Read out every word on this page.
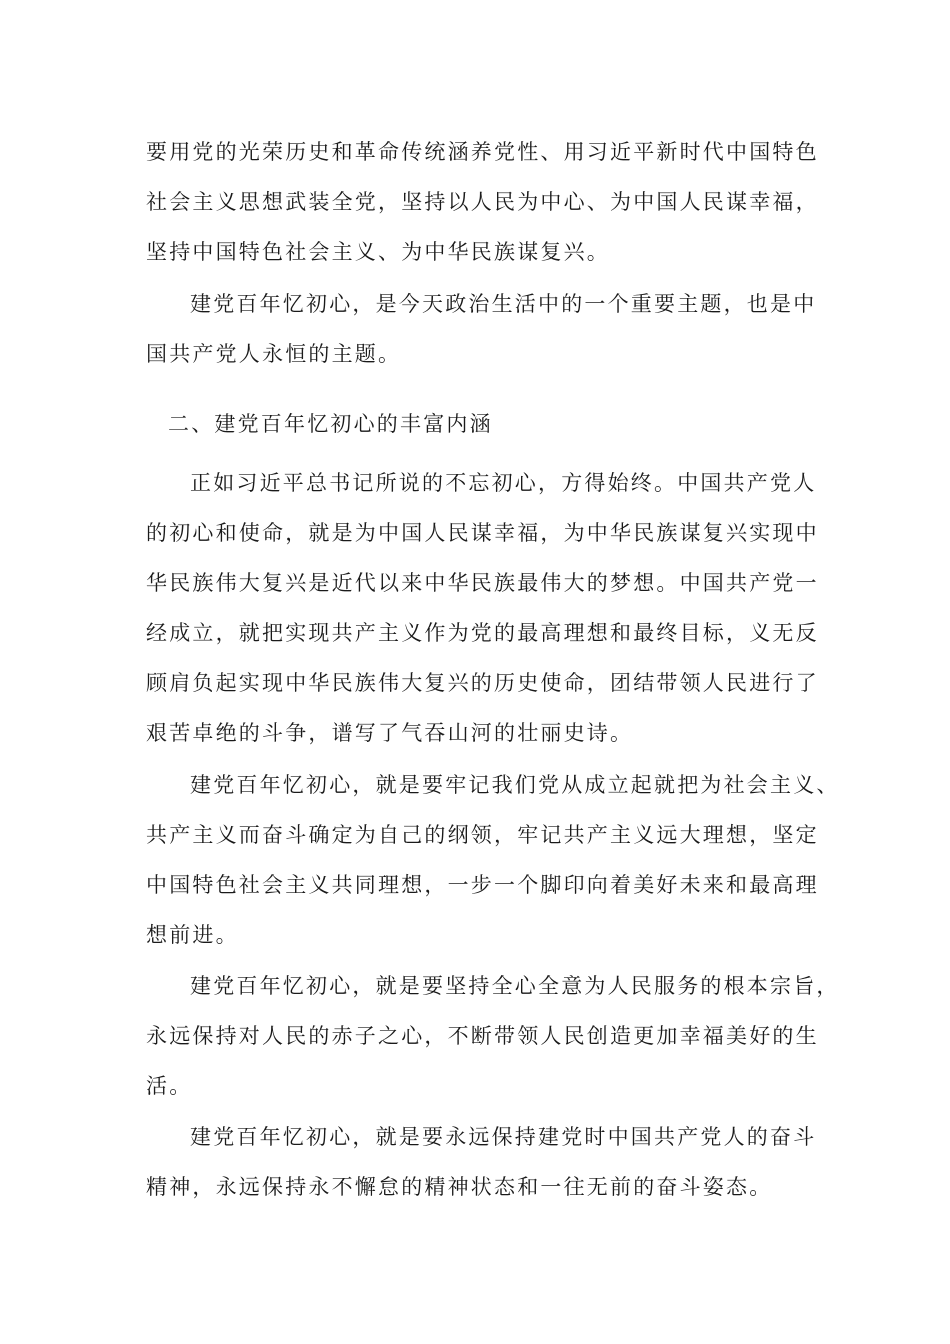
要用党的光荣历史和革命传统涵养党性、用习近平新时代中国特色
社会主义思想武装全党，坚持以人民为中心、为中国人民谋幸福，
坚持中国特色社会主义、为中华民族谋复兴。
建党百年忆初心，是今天政治生活中的一个重要主题，也是中
国共产党人永恒的主题。
二、建党百年忆初心的丰富内涵
正如习近平总书记所说的不忘初心，方得始终。中国共产党人
的初心和使命，就是为中国人民谋幸福，为中华民族谋复兴实现中
华民族伟大复兴是近代以来中华民族最伟大的梦想。中国共产党一
经成立，就把实现共产主义作为党的最高理想和最终目标，义无反
顾肩负起实现中华民族伟大复兴的历史使命，团结带领人民进行了
艰苦卓绝的斗争，谱写了气吞山河的壮丽史诗。
建党百年忆初心，就是要牢记我们党从成立起就把为社会主义、
共产主义而奋斗确定为自己的纲领，牢记共产主义远大理想，坚定
中国特色社会主义共同理想，一步一个脚印向着美好未来和最高理
想前进。
建党百年忆初心，就是要坚持全心全意为人民服务的根本宗旨，
永远保持对人民的赤子之心，不断带领人民创造更加幸福美好的生
活。
建党百年忆初心，就是要永远保持建党时中国共产党人的奋斗
精神，永远保持永不懈怠的精神状态和一往无前的奋斗姿态。
